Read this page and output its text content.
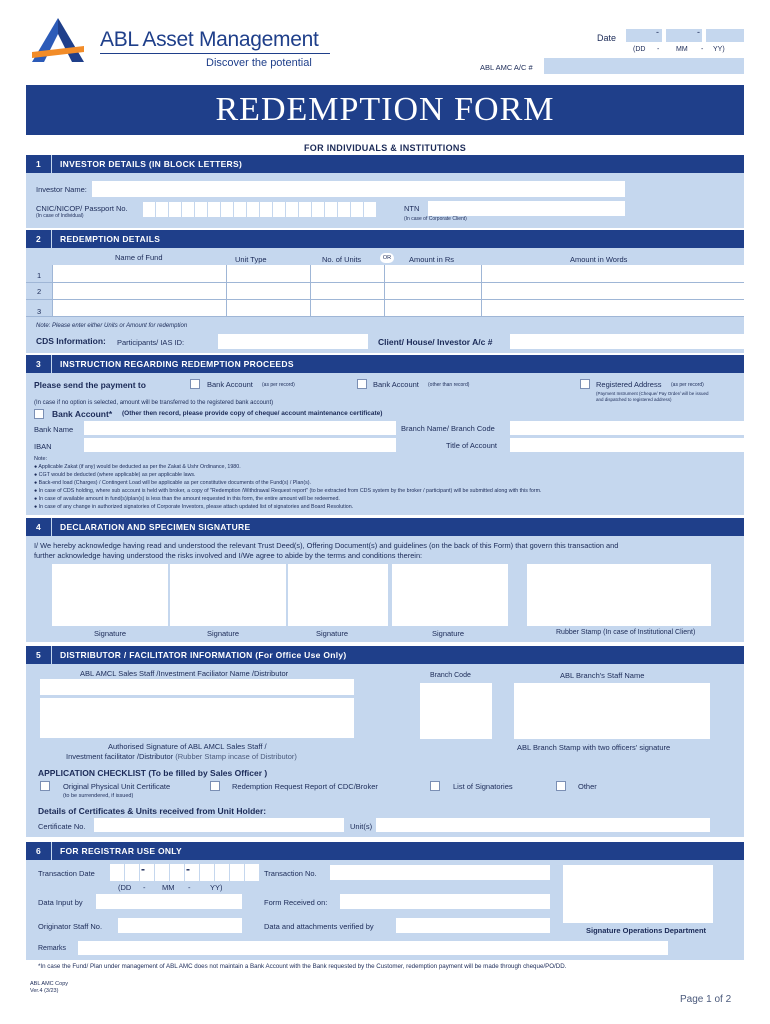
ABL Asset Management
Discover the potential
Date
-	-
(DD - MM - YY)
ABL AMC A/C #
REDEMPTION FORM
FOR INDIVIDUALS & INSTITUTIONS
1	INVESTOR DETAILS (IN BLOCK LETTERS)
Investor Name:
CNIC/NICOP/ Passport No.
(In case of Individual)
NTN
(In case of Corporate Client)
2	REDEMPTION DETAILS
Name of Fund	Unit Type	No. of Units	OR	Amount in Rs	Amount in Words
1
2
3
Note: Please enter either Units or Amount for redemption
CDS Information: Participants/ IAS ID:	Client/ House/ Investor A/c #
3	INSTRUCTION REGARDING REDEMPTION PROCEEDS
Please send the payment to	Bank Account (as per record)	Bank Account (other than record)	Registered Address (as per record)
(Payment Instrument (Cheque/ Pay Order/ will be issued
and dispatched to registered address)
(In case if no option is selected, amount will be transferred to the registered bank account)
Bank Account* (Other then record, please provide copy of cheque/ account maintenance certificate)
Bank Name	Branch Name/ Branch Code
IBAN	Title of Account
Note:
● Applicable Zakat (if any) would be deducted as per the Zakat & Ushr Ordinance, 1980.
● CGT would be deducted (where applicable) as per applicable laws.
● Back-end load (Charges) / Contingent Load will be applicable as per constitutive documents of the Fund(s) / Plan(s).
● In case of CDS holding, where sub account is held with broker, a copy of "Redemption /Withdrawal Request report" (to be extracted from CDS system by the broker / participant) will be submitted along with this form.
● In case of available amount in fund(s)/plan(s) is less than the amount requested in this form, the entire amount will be redeemed.
● In case of any change in authorized signatories of Corporate Investors, please attach updated list of signatories and Board Resolution.
4	DECLARATION AND SPECIMEN SIGNATURE
I/ We hereby acknowledge having read and understood the relevant Trust Deed(s), Offering Document(s) and guidelines (on the back of this Form) that govern this transaction and
further acknowledge having understood the risks involved and I/We agree to abide by the terms and conditions therein:
Signature	Signature	Signature	Signature	Rubber Stamp (In case of Institutional Client)
5	DISTRIBUTOR / FACILITATOR INFORMATION (For Office Use Only)
ABL AMCL Sales Staff /Investment Faciliator Name /Distributor	Branch Code	ABL Branch's Staff Name
Authorised Signature of ABL AMCL Sales Staff /
Investment facilitator /Distributor (Rubber Stamp incase of Distributor)
ABL Branch Stamp with two officers' signature
APPLICATION CHECKLIST (To be filled by Sales Officer )
Original Physical Unit Certificate
(to be surrendered, if issued)
Redemption Request Report of CDC/Broker	List of Signatories	Other
Details of Certificates & Units received from Unit Holder:
Certificate No.	Unit(s)
6	FOR REGISTRAR USE ONLY
Transaction Date	-	-
(DD - MM -	YY)
Transaction No.
Data Input by	Form Received on:
Originator Staff No.	Data and attachments verified by	Signature Operations Department
Remarks
*In case the Fund/ Plan under management of ABL AMC does not maintain a Bank Account with the Bank requested by the Customer, redemption payment will be made through cheque/PO/DD.
ABL AMC Copy
Ver.4 (3/23)
Page 1 of 2
